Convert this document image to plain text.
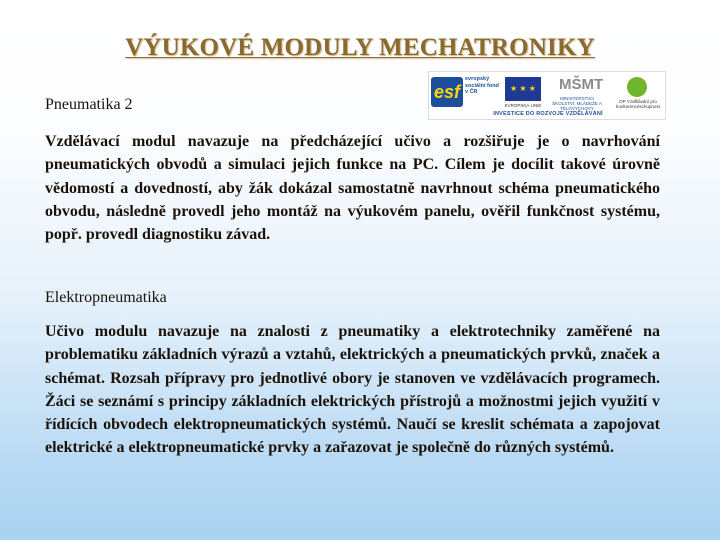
VÝUKOVÉ MODULY MECHATRONIKY
esf
evropský sociální fond v ČR	★ ★ ★
EVROPSKÁ UNIE
MŠMT
MINISTERSTVO ŠKOLSTVÍ, MLÁDEŽE A TĚLOVÝCHOVY
OP Vzdělávání pro konkurenceschopnost
INVESTICE DO ROZVOJE VZDĚLÁVÁNÍ
Pneumatika 2

Vzdělávací modul navazuje na předcházející učivo a rozšiřuje je o navrhování pneumatických obvodů a simulaci jejich funkce na PC. Cílem je docílit takové úrovně vědomostí a dovedností, aby žák dokázal samostatně navrhnout schéma pneumatického obvodu, následně provedl jeho montáž na výukovém panelu, ověřil funkčnost systému, popř. provedl diagnostiku závad.

Elektropneumatika

Učivo modulu navazuje na znalosti z pneumatiky a elektrotechniky zaměřené na problematiku základních výrazů a vztahů, elektrických a pneumatických prvků, značek a schémat. Rozsah přípravy pro jednotlivé obory je stanoven ve vzdělávacích programech. Žáci se seznámí s principy základních elektrických přístrojů a možnostmi jejich využití v řídících obvodech elektropneumatických systémů. Naučí se kreslit schémata a zapojovat elektrické a elektropneumatické prvky a zařazovat je společně do různých systémů.
